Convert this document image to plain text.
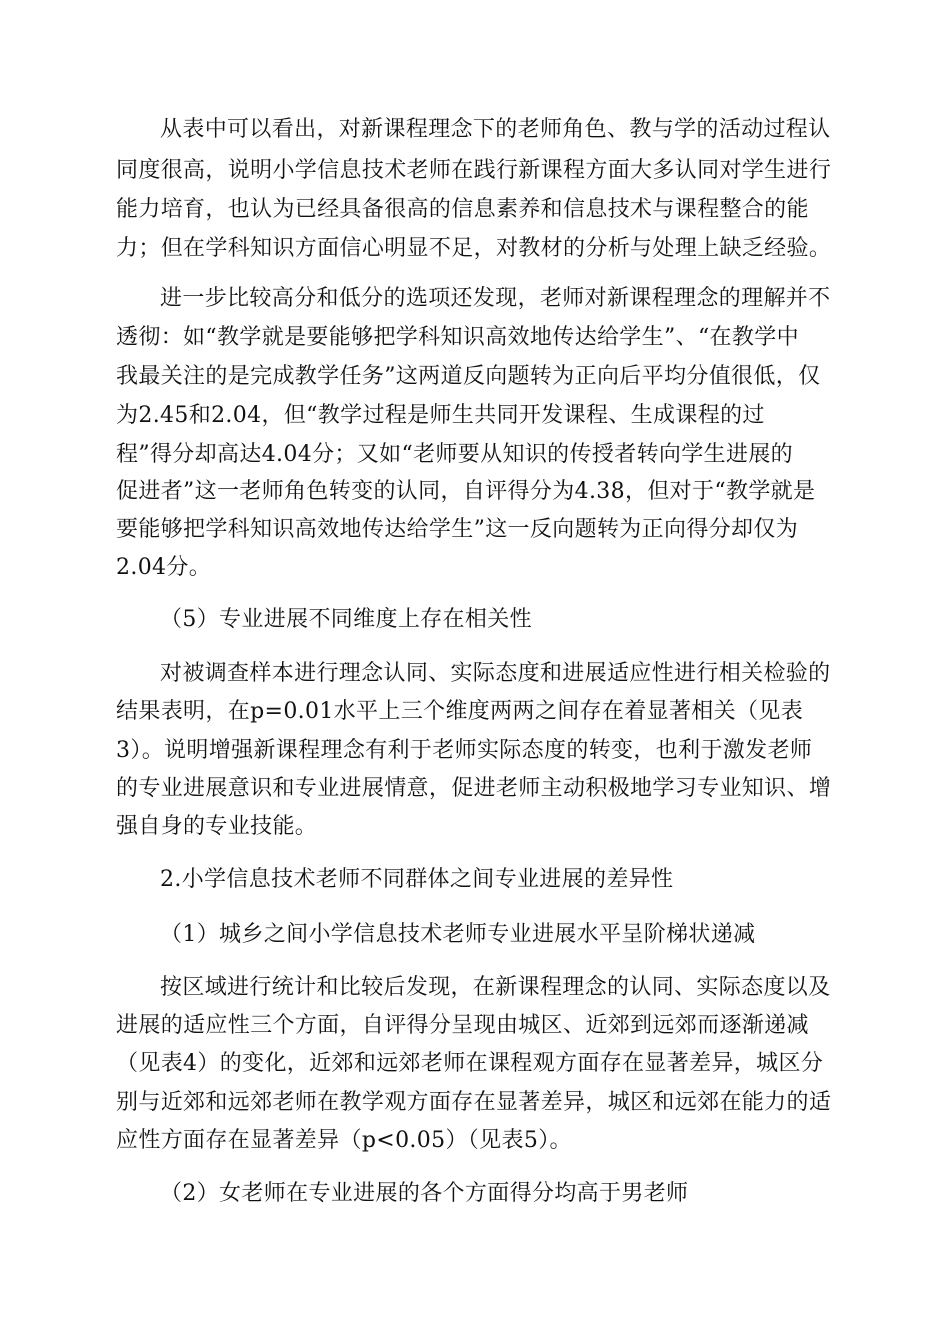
从表中可以看出，对新课程理念下的老师角色、教与学的活动过程认
同度很高，说明小学信息技术老师在践行新课程方面大多认同对学生进行
能力培育，也认为已经具备很高的信息素养和信息技术与课程整合的能
力；但在学科知识方面信心明显不足，对教材的分析与处理上缺乏经验。
进一步比较高分和低分的选项还发现，老师对新课程理念的理解并不
透彻：如“教学就是要能够把学科知识高效地传达给学生”、“在教学中
我最关注的是完成教学任务”这两道反向题转为正向后平均分值很低，仅
为2.45和2.04，但“教学过程是师生共同开发课程、生成课程的过
程”得分却高达4.04分；又如“老师要从知识的传授者转向学生进展的
促进者”这一老师角色转变的认同，自评得分为4.38，但对于“教学就是
要能够把学科知识高效地传达给学生”这一反向题转为正向得分却仅为
2.04分。
（5）专业进展不同维度上存在相关性
对被调查样本进行理念认同、实际态度和进展适应性进行相关检验的
结果表明，在p=0.01水平上三个维度两两之间存在着显著相关（见表
3）。说明增强新课程理念有利于老师实际态度的转变，也利于激发老师
的专业进展意识和专业进展情意，促进老师主动积极地学习专业知识、增
强自身的专业技能。
2.小学信息技术老师不同群体之间专业进展的差异性
（1）城乡之间小学信息技术老师专业进展水平呈阶梯状递减
按区域进行统计和比较后发现，在新课程理念的认同、实际态度以及
进展的适应性三个方面，自评得分呈现由城区、近郊到远郊而逐渐递减
（见表4）的变化，近郊和远郊老师在课程观方面存在显著差异，城区分
别与近郊和远郊老师在教学观方面存在显著差异，城区和远郊在能力的适
应性方面存在显著差异（p<0.05）（见表5）。
（2）女老师在专业进展的各个方面得分均高于男老师
